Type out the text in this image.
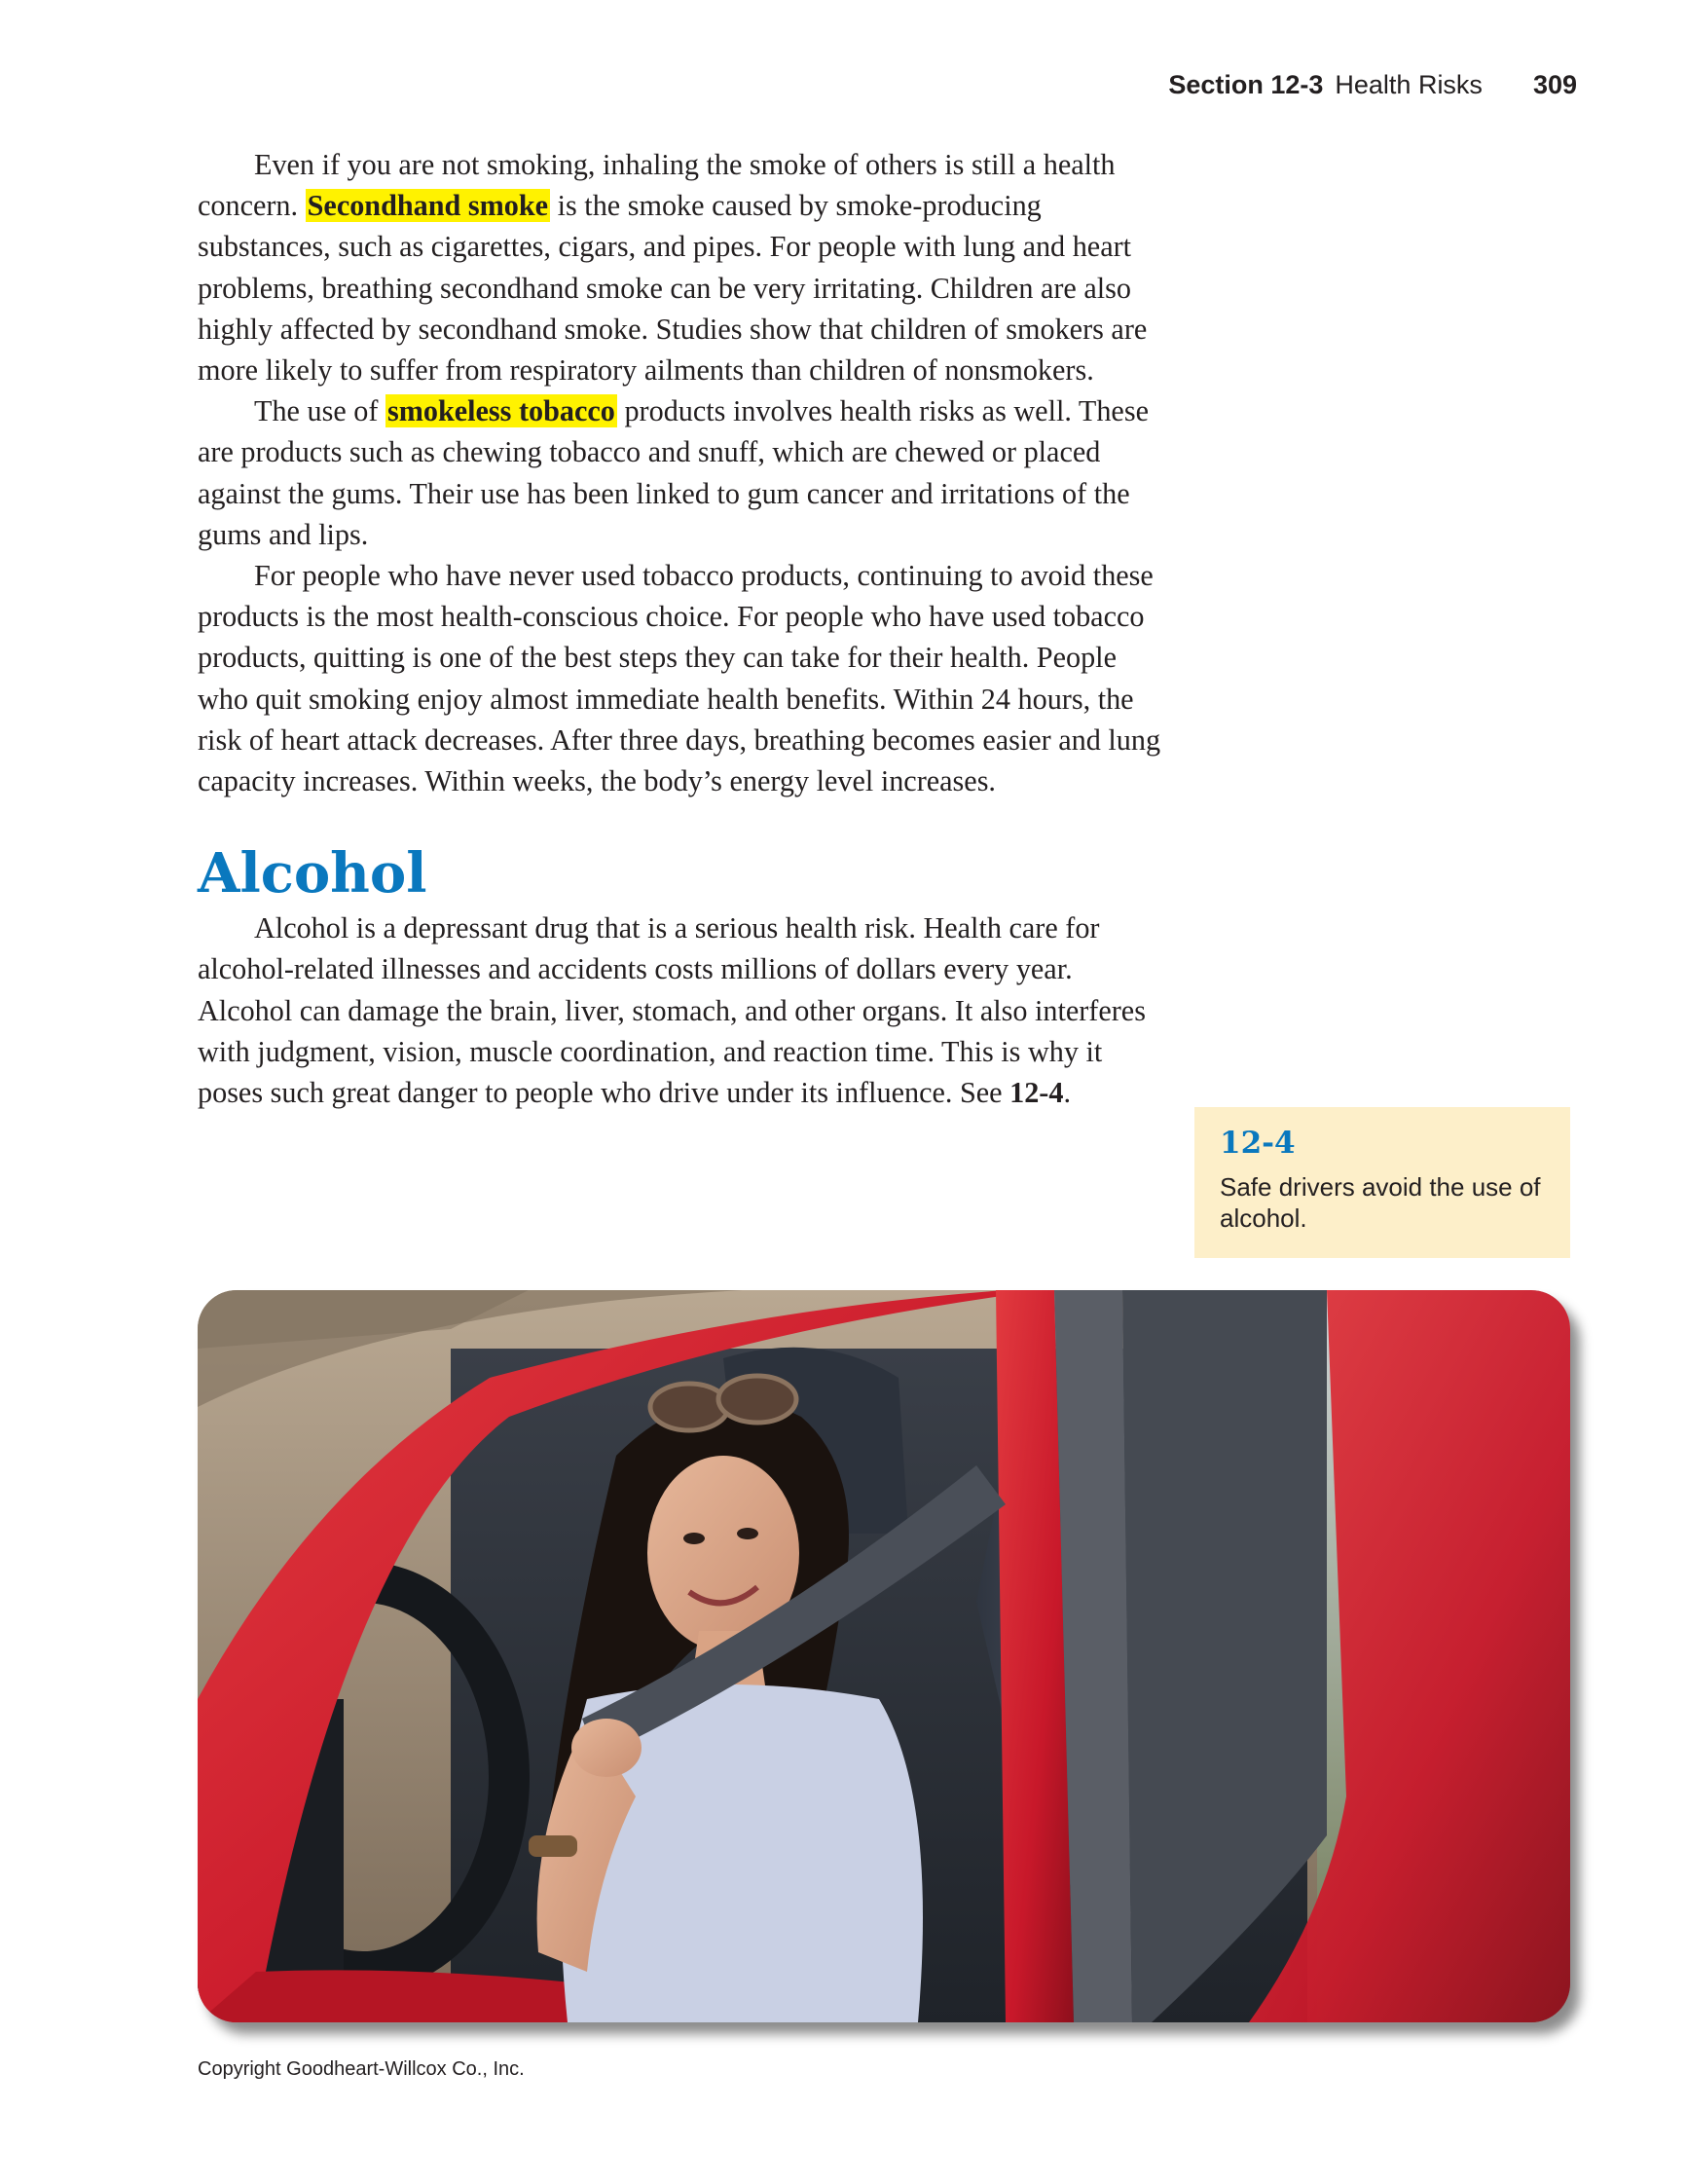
Section 12-3 Health Risks 309

Even if you are not smoking, inhaling the smoke of others is still a health concern. Secondhand smoke is the smoke caused by smoke-producing substances, such as cigarettes, cigars, and pipes. For people with lung and heart problems, breathing secondhand smoke can be very irritating. Children are also highly affected by secondhand smoke. Studies show that children of smokers are more likely to suffer from respiratory ailments than children of nonsmokers.

The use of smokeless tobacco products involves health risks as well. These are products such as chewing tobacco and snuff, which are chewed or placed against the gums. Their use has been linked to gum cancer and irritations of the gums and lips.

For people who have never used tobacco products, continuing to avoid these products is the most health-conscious choice. For people who have used tobacco products, quitting is one of the best steps they can take for their health. People who quit smoking enjoy almost immediate health benefits. Within 24 hours, the risk of heart attack decreases. After three days, breathing becomes easier and lung capacity increases. Within weeks, the body’s energy level increases.

Alcohol

Alcohol is a depressant drug that is a serious health risk. Health care for alcohol-related illnesses and accidents costs millions of dollars every year. Alcohol can damage the brain, liver, stomach, and other organs. It also interferes with judgment, vision, muscle coordination, and reaction time. This is why it poses such great danger to people who drive under its influence. See 12-4.

12-4
Safe drivers avoid the use of alcohol.
Copyright Goodheart-Willcox Co., Inc.
